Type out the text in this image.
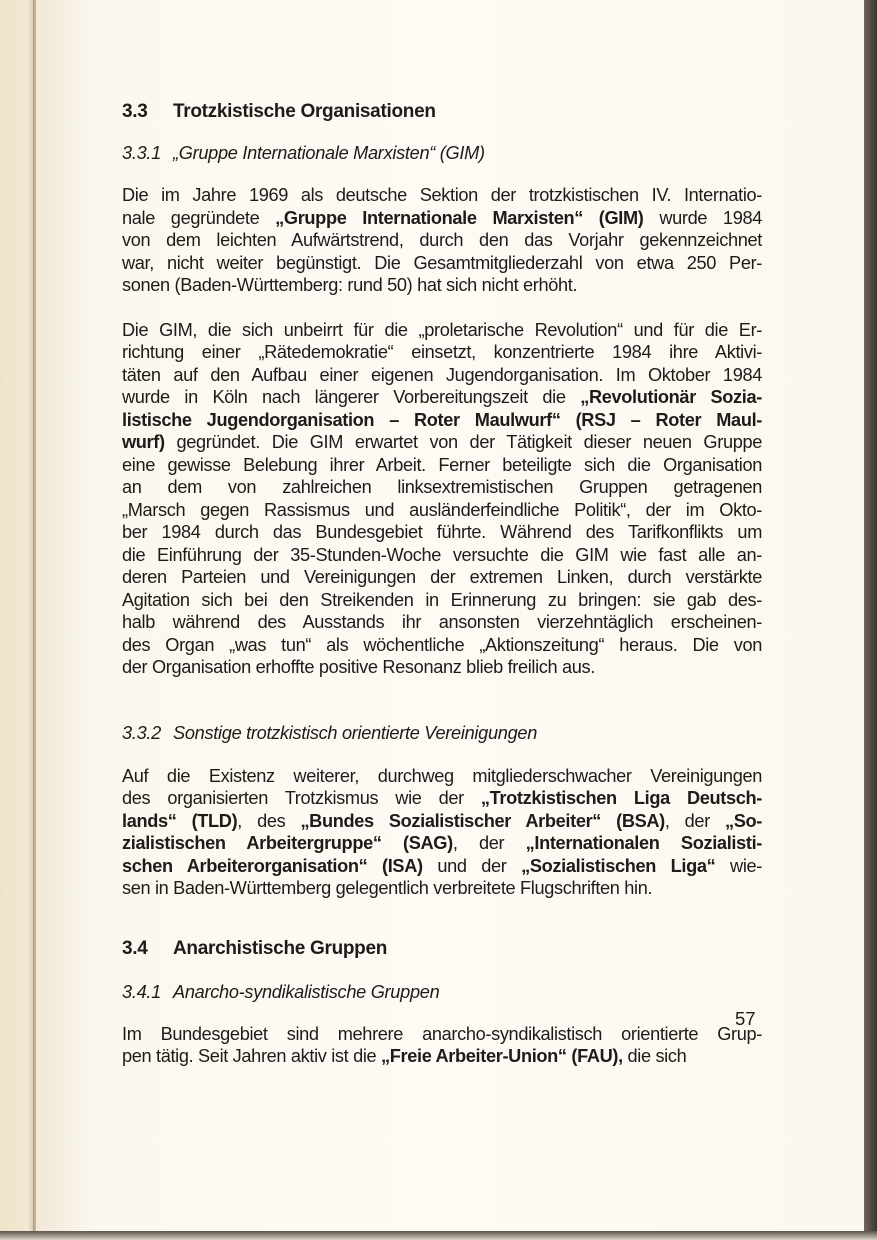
3.3 Trotzkistische Organisationen
3.3.1 „Gruppe Internationale Marxisten“ (GIM)

Die im Jahre 1969 als deutsche Sektion der trotzkistischen IV. Internatio-
nale gegründete „Gruppe Internationale Marxisten“ (GIM) wurde 1984
von dem leichten Aufwärtstrend, durch den das Vorjahr gekennzeichnet
war, nicht weiter begünstigt. Die Gesamtmitgliederzahl von etwa 250 Per-
sonen (Baden-Württemberg: rund 50) hat sich nicht erhöht.

Die GIM, die sich unbeirrt für die „proletarische Revolution“ und für die Er-
richtung einer „Rätedemokratie“ einsetzt, konzentrierte 1984 ihre Aktivi-
täten auf den Aufbau einer eigenen Jugendorganisation. Im Oktober 1984
wurde in Köln nach längerer Vorbereitungszeit die „Revolutionär Sozia-
listische Jugendorganisation – Roter Maulwurf“ (RSJ – Roter Maul-
wurf) gegründet. Die GIM erwartet von der Tätigkeit dieser neuen Gruppe
eine gewisse Belebung ihrer Arbeit. Ferner beteiligte sich die Organisation
an dem von zahlreichen linksextremistischen Gruppen getragenen
„Marsch gegen Rassismus und ausländerfeindliche Politik“, der im Okto-
ber 1984 durch das Bundesgebiet führte. Während des Tarifkonflikts um
die Einführung der 35-Stunden-Woche versuchte die GIM wie fast alle an-
deren Parteien und Vereinigungen der extremen Linken, durch verstärkte
Agitation sich bei den Streikenden in Erinnerung zu bringen: sie gab des-
halb während des Ausstands ihr ansonsten vierzehntäglich erscheinen-
des Organ „was tun“ als wöchentliche „Aktionszeitung“ heraus. Die von
der Organisation erhoffte positive Resonanz blieb freilich aus.

3.3.2 Sonstige trotzkistisch orientierte Vereinigungen

Auf die Existenz weiterer, durchweg mitgliederschwacher Vereinigungen
des organisierten Trotzkismus wie der „Trotzkistischen Liga Deutsch-
lands“ (TLD), des „Bundes Sozialistischer Arbeiter“ (BSA), der „So-
zialistischen Arbeitergruppe“ (SAG), der „Internationalen Sozialisti-
schen Arbeiterorganisation“ (ISA) und der „Sozialistischen Liga“ wie-
sen in Baden-Württemberg gelegentlich verbreitete Flugschriften hin.

3.4 Anarchistische Gruppen
3.4.1 Anarcho-syndikalistische Gruppen

Im Bundesgebiet sind mehrere anarcho-syndikalistisch orientierte Grup-
pen tätig. Seit Jahren aktiv ist die „Freie Arbeiter-Union“ (FAU), die sich

57
